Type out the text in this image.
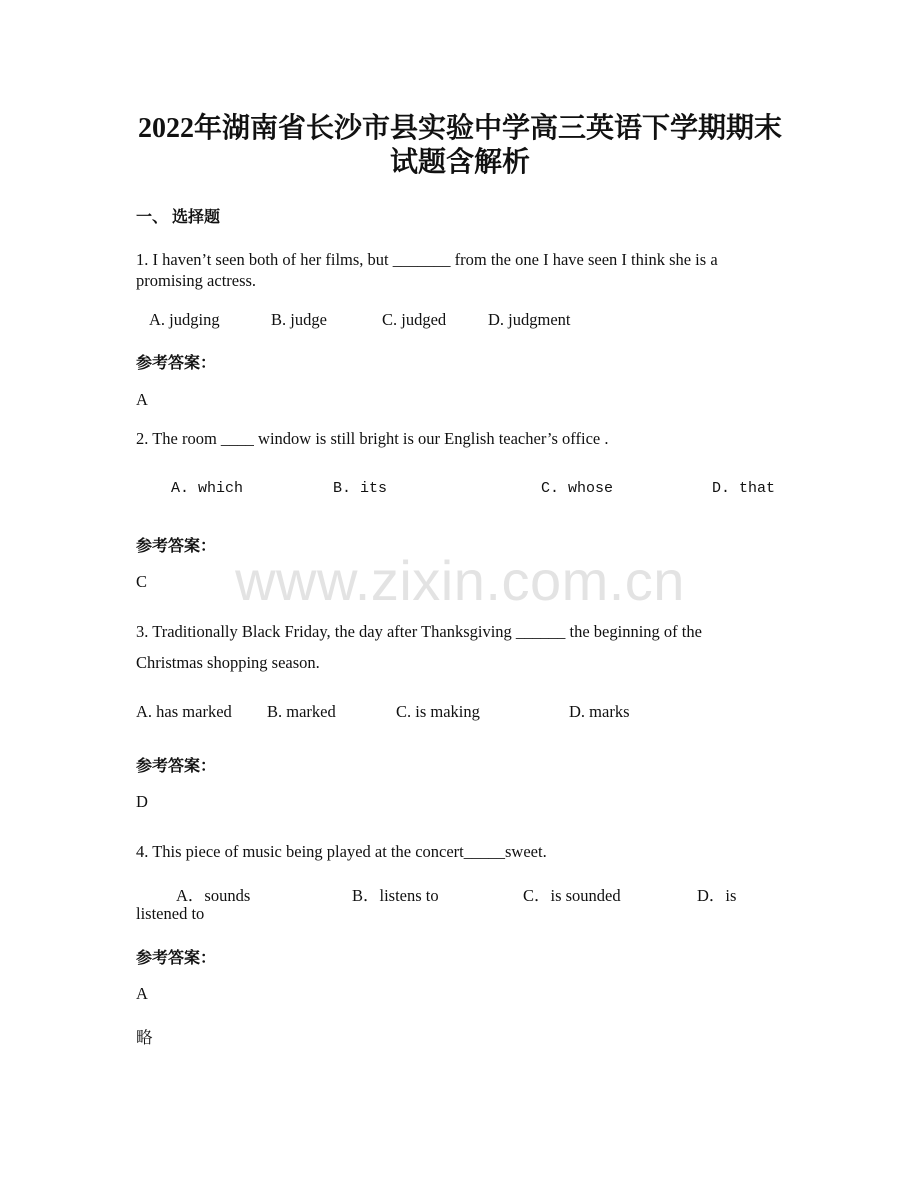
www.zixin.com.cn
2022年湖南省长沙市县实验中学高三英语下学期期末
试题含解析
一、 选择题
1. I haven’t seen both of her films, but _______ from the one I have seen I think she is a
promising actress.
A. judging	B. judge	C. judged	D. judgment
参考答案：
A
2. The room ____ window is still bright is our English teacher’s office .
A. which	B. its	C. whose	D. that
参考答案：
C
3. Traditionally Black Friday, the day after Thanksgiving ______ the beginning of the
Christmas shopping season.
A. has marked B. marked	C. is making	D. marks
参考答案：
D
4. This piece of music being played at the concert_____sweet.
A．sounds	B．listens to	C．is sounded	D．is
listened to
参考答案：
A
略
